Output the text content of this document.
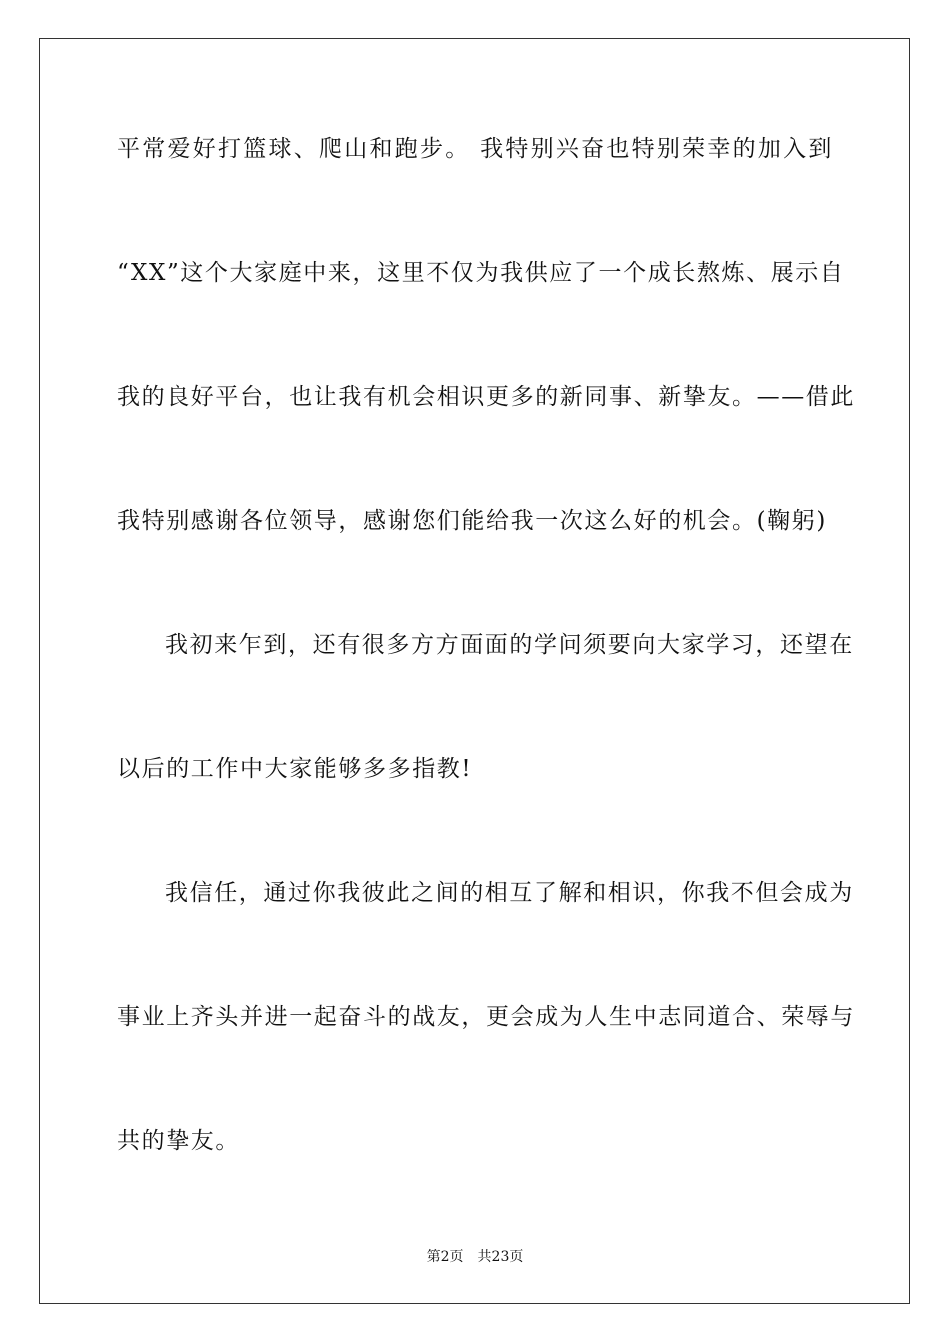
平常爱好打篮球、爬山和跑步。 我特别兴奋也特别荣幸的加入到
“XX”这个大家庭中来，这里不仅为我供应了一个成长熬炼、展示自
我的良好平台，也让我有机会相识更多的新同事、新挚友。——借此
我特别感谢各位领导，感谢您们能给我一次这么好的机会。(鞠躬)
我初来乍到，还有很多方方面面的学问须要向大家学习，还望在
以后的工作中大家能够多多指教!
我信任，通过你我彼此之间的相互了解和相识，你我不但会成为
事业上齐头并进一起奋斗的战友，更会成为人生中志同道合、荣辱与
共的挚友。
第2页　共23页
